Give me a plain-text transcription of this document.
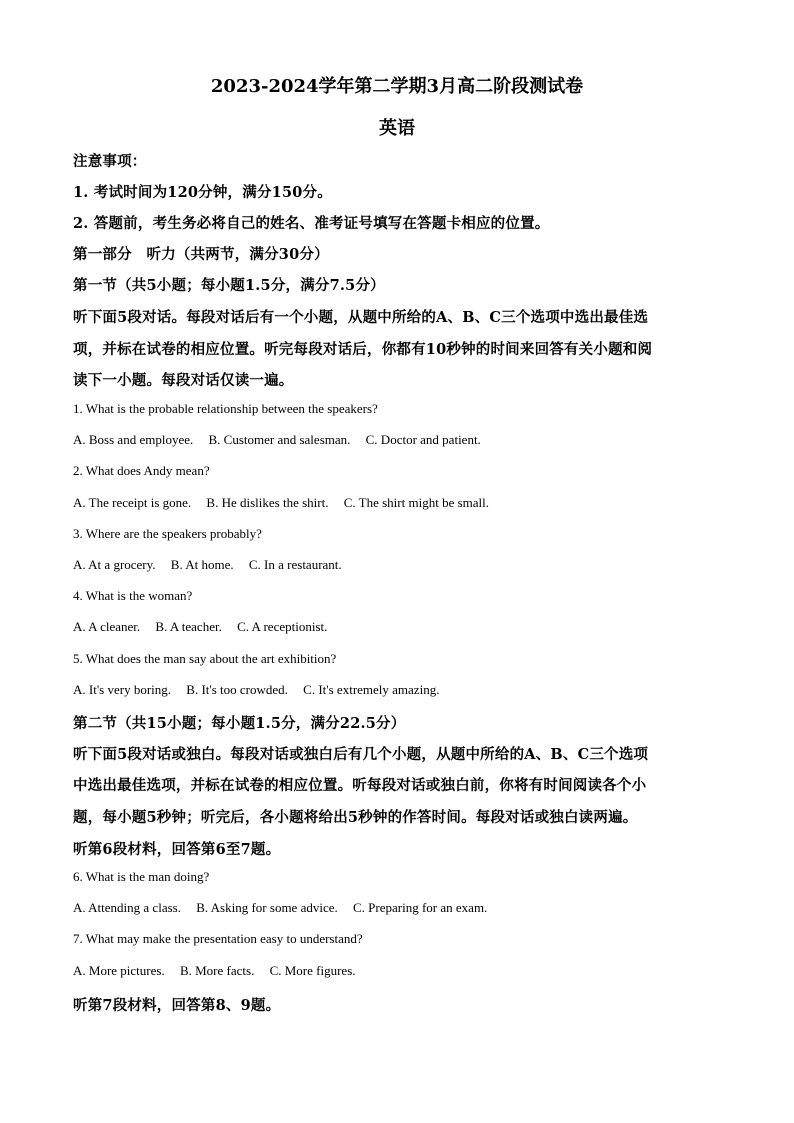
2023-2024学年第二学期3月高二阶段测试卷
英语
注意事项：
1. 考试时间为120分钟，满分150分。
2. 答题前，考生务必将自己的姓名、准考证号填写在答题卡相应的位置。
第一部分　听力（共两节，满分30分）
第一节（共5小题；每小题1.5分，满分7.5分）
听下面5段对话。每段对话后有一个小题，从题中所给的A、B、C三个选项中选出最佳选
项，并标在试卷的相应位置。听完每段对话后，你都有10秒钟的时间来回答有关小题和阅
读下一小题。每段对话仅读一遍。
1. What is the probable relationship between the speakers?
A. Boss and employee. B. Customer and salesman. C. Doctor and patient.
2. What does Andy mean?
A. The receipt is gone. B. He dislikes the shirt. C. The shirt might be small.
3. Where are the speakers probably?
A. At a grocery. B. At home. C. In a restaurant.
4. What is the woman?
A. A cleaner. B. A teacher. C. A receptionist.
5. What does the man say about the art exhibition?
A. It's very boring. B. It's too crowded. C. It's extremely amazing.
第二节（共15小题；每小题1.5分，满分22.5分）
听下面5段对话或独白。每段对话或独白后有几个小题，从题中所给的A、B、C三个选项
中选出最佳选项，并标在试卷的相应位置。听每段对话或独白前，你将有时间阅读各个小
题，每小题5秒钟；听完后，各小题将给出5秒钟的作答时间。每段对话或独白读两遍。
听第6段材料，回答第6至7题。
6. What is the man doing?
A. Attending a class. B. Asking for some advice. C. Preparing for an exam.
7. What may make the presentation easy to understand?
A. More pictures. B. More facts. C. More figures.
听第7段材料，回答第8、9题。
